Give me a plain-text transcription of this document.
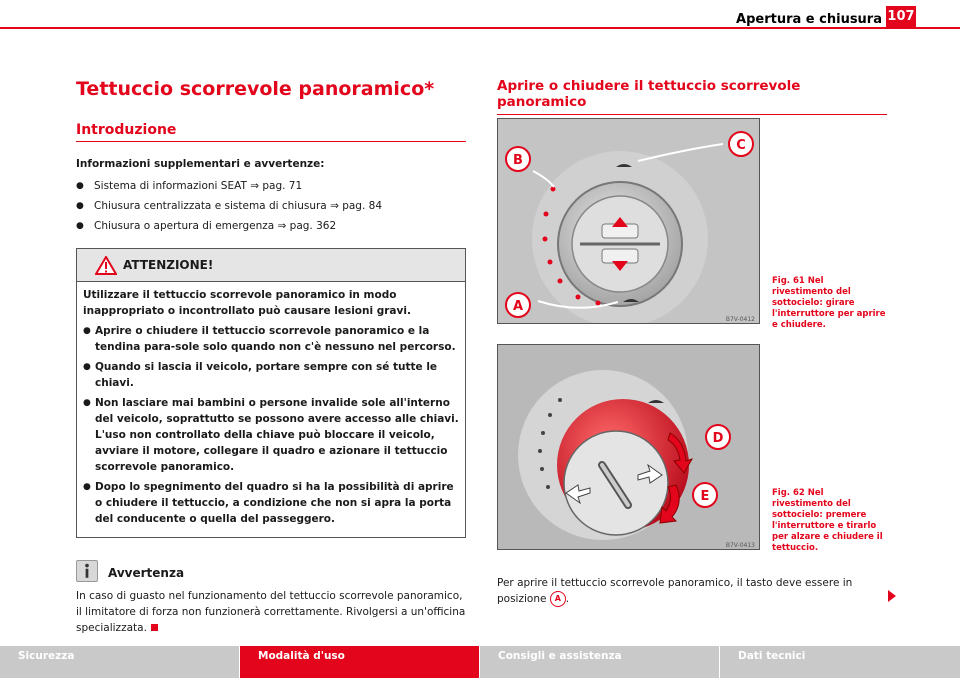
Apertura e chiusura 107
Tettuccio scorrevole panoramico*
Introduzione
Informazioni supplementari e avvertenze:
● Sistema di informazioni SEAT ⇒ pag. 71
● Chiusura centralizzata e sistema di chiusura ⇒ pag. 84
● Chiusura o apertura di emergenza ⇒ pag. 362
ATTENZIONE!

Utilizzare il tettuccio scorrevole panoramico in modo inappropriato o incontrollato può causare lesioni gravi.

● Aprire o chiudere il tettuccio scorrevole panoramico e la tendina para-sole solo quando non c'è nessuno nel percorso.

● Quando si lascia il veicolo, portare sempre con sé tutte le chiavi.

● Non lasciare mai bambini o persone invalide sole all'interno del veicolo, soprattutto se possono avere accesso alle chiavi. L'uso non controllato della chiave può bloccare il veicolo, avviare il motore, collegare il quadro e azionare il tettuccio scorrevole panoramico.

● Dopo lo spegnimento del quadro si ha la possibilità di aprire o chiudere il tettuccio, a condizione che non si apra la porta del conducente o quella del passeggero.

Avvertenza
In caso di guasto nel funzionamento del tettuccio scorrevole panoramico, il limitatore di forza non funzionerà correttamente. Rivolgersi a un'officina specializzata.
Aprire o chiudere il tettuccio scorrevole panoramico
B
C
A
B7V-0412
Fig. 61 Nel rivestimento del sottocielo: girare l'interruttore per aprire e chiudere.
D
E
B7V-0413
Fig. 62 Nel rivestimento del sottocielo: premere l'interruttore e tirarlo per alzare e chiudere il tettuccio.
Per aprire il tettuccio scorrevole panoramico, il tasto deve essere in posizione A .
Sicurezza	Modalità d'uso	Consigli e assistenza	Dati tecnici
